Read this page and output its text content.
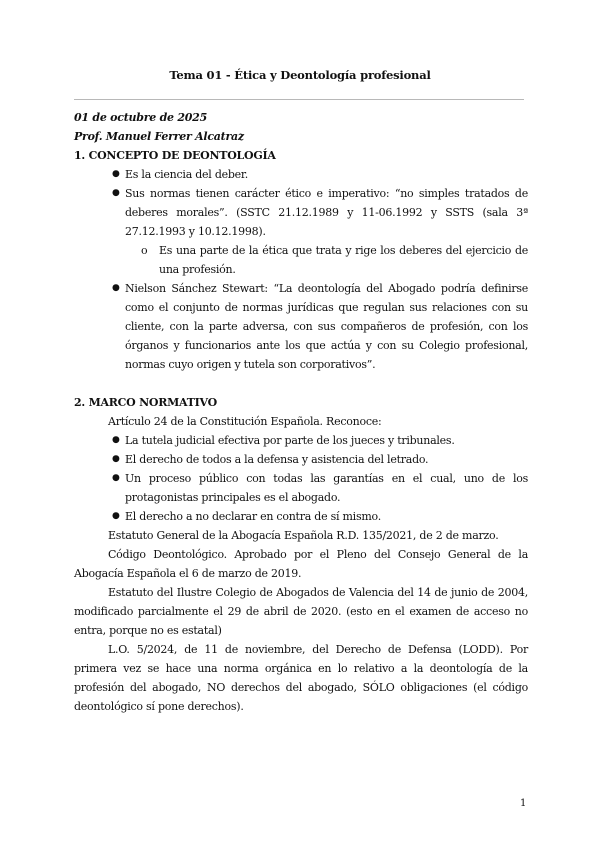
Tema 01 - Ética y Deontología profesional
01 de octubre de 2025
Prof. Manuel Ferrer Alcatraz
1. CONCEPTO DE DEONTOLOGÍA
● Es la ciencia del deber.
● Sus normas tienen carácter ético e imperativo: “no simples tratados de deberes morales”. (SSTC 21.12.1989 y 11-06.1992 y SSTS (sala 3ª 27.12.1993 y 10.12.1998).
o Es una parte de la ética que trata y rige los deberes del ejercicio de una profesión.
● Nielson Sánchez Stewart: “La deontología del Abogado podría definirse como el conjunto de normas jurídicas que regulan sus relaciones con su cliente, con la parte adversa, con sus compañeros de profesión, con los órganos y funcionarios ante los que actúa y con su Colegio profesional, normas cuyo origen y tutela son corporativos”.
2. MARCO NORMATIVO
Artículo 24 de la Constitución Española. Reconoce:
● La tutela judicial efectiva por parte de los jueces y tribunales.
● El derecho de todos a la defensa y asistencia del letrado.
● Un proceso público con todas las garantías en el cual, uno de los protagonistas principales es el abogado.
● El derecho a no declarar en contra de sí mismo.
Estatuto General de la Abogacía Española R.D. 135/2021, de 2 de marzo.
Código Deontológico. Aprobado por el Pleno del Consejo General de la Abogacía Española el 6 de marzo de 2019.
Estatuto del Ilustre Colegio de Abogados de Valencia del 14 de junio de 2004, modificado parcialmente el 29 de abril de 2020. (esto en el examen de acceso no entra, porque no es estatal)
L.O. 5/2024, de 11 de noviembre, del Derecho de Defensa (LODD). Por primera vez se hace una norma orgánica en lo relativo a la deontología de la profesión del abogado, NO derechos del abogado, SÓLO obligaciones (el código deontológico sí pone derechos).
1
